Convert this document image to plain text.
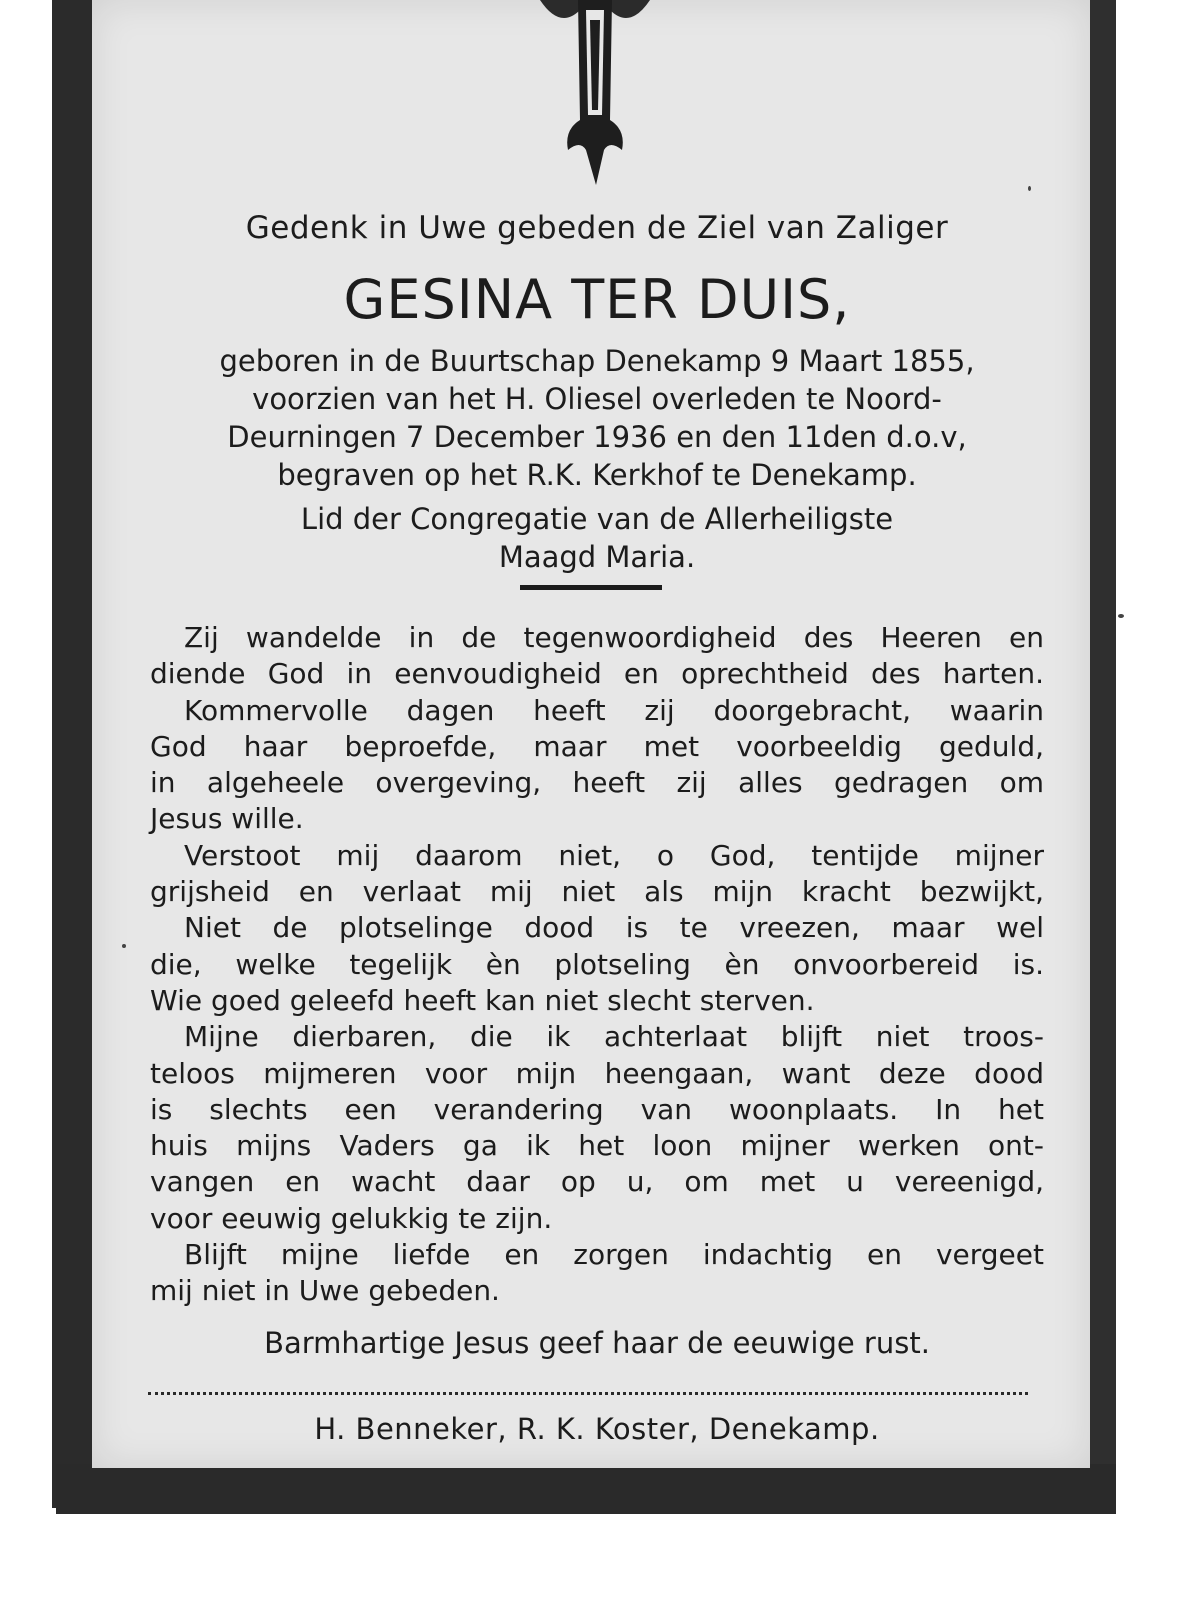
Gedenk in Uwe gebeden de Ziel van Zaliger
GESINA TER DUIS,
geboren in de Buurtschap Denekamp 9 Maart 1855,
voorzien van het H. Oliesel overleden te Noord-
Deurningen 7 December 1936 en den 11den d.o.v,
begraven op het R.K. Kerkhof te Denekamp.
Lid der Congregatie van de Allerheiligste
Maagd Maria.
Zij wandelde in de tegenwoordigheid des Heeren en
diende God in eenvoudigheid en oprechtheid des harten.
Kommervolle dagen heeft zij doorgebracht, waarin
God haar beproefde, maar met voorbeeldig geduld,
in algeheele overgeving, heeft zij alles gedragen om
Jesus wille.
Verstoot mij daarom niet, o God, tentijde mijner
grijsheid en verlaat mij niet als mijn kracht bezwijkt,
Niet de plotselinge dood is te vreezen, maar wel
die, welke tegelijk èn plotseling èn onvoorbereid is.
Wie goed geleefd heeft kan niet slecht sterven.
Mijne dierbaren, die ik achterlaat blijft niet troos-
teloos mijmeren voor mijn heengaan, want deze dood
is slechts een verandering van woonplaats. In het
huis mijns Vaders ga ik het loon mijner werken ont-
vangen en wacht daar op u, om met u vereenigd,
voor eeuwig gelukkig te zijn.
Blijft mijne liefde en zorgen indachtig en vergeet
mij niet in Uwe gebeden.
Barmhartige Jesus geef haar de eeuwige rust.
H. Benneker, R. K. Koster, Denekamp.
